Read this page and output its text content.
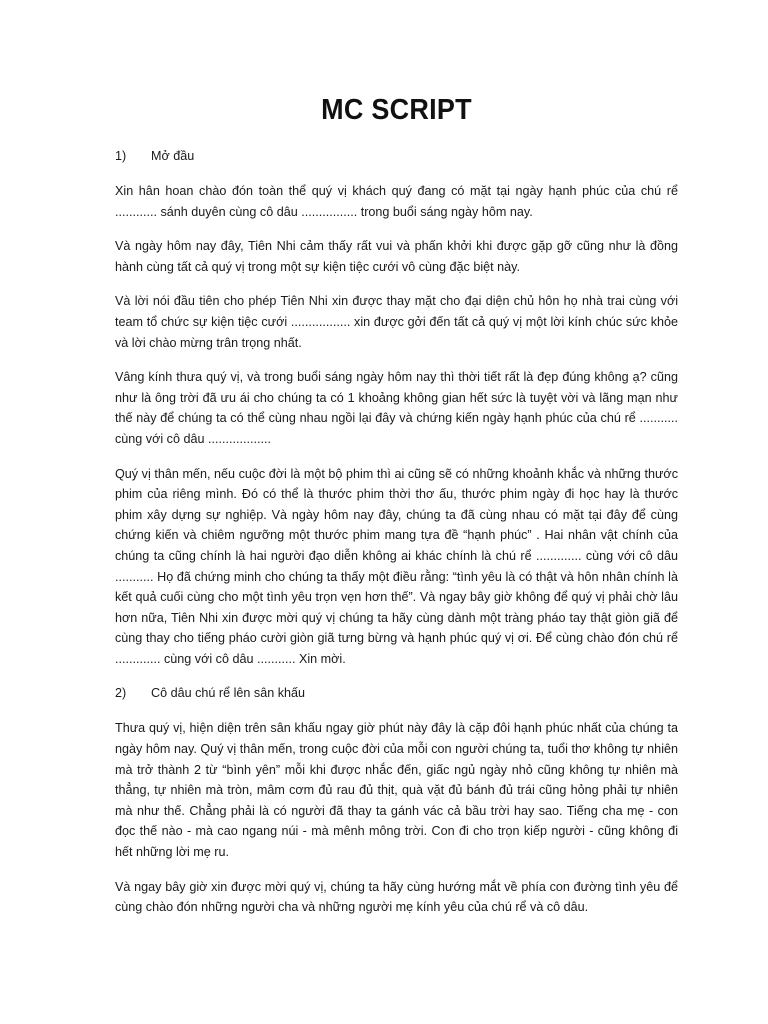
MC SCRIPT
1)	Mở đầu

Xin hân hoan chào đón toàn thể quý vị khách quý đang có mặt tại ngày hạnh phúc của chú rể ............ sánh duyên cùng cô dâu ................ trong buổi sáng ngày hôm nay.

Và ngày hôm nay đây, Tiên Nhi cảm thấy rất vui và phấn khởi khi được gặp gỡ cũng như là đồng hành cùng tất cả quý vị trong một sự kiện tiệc cưới vô cùng đặc biệt này.

Và lời nói đầu tiên cho phép Tiên Nhi xin được thay mặt cho đại diện chủ hôn họ nhà trai cùng với team tổ chức sự kiện tiệc cưới ................. xin được gởi đến tất cả quý vị một lời kính chúc sức khỏe và lời chào mừng trân trọng nhất.

Vâng kính thưa quý vị, và trong buổi sáng ngày hôm nay thì thời tiết rất là đẹp đúng không ạ? cũng như là ông trời đã ưu ái cho chúng ta có 1 khoảng không gian hết sức là tuyệt vời và lãng mạn như thế này để chúng ta có thể cùng nhau ngồi lại đây và chứng kiến ngày hạnh phúc của chú rể ........... cùng với cô dâu ..................

Quý vị thân mến, nếu cuộc đời là một bộ phim thì ai cũng sẽ có những khoảnh khắc và những thước phim của riêng mình. Đó có thể là thước phim thời thơ ấu, thước phim ngày đi học hay là thước phim xây dựng sự nghiệp. Và ngày hôm nay đây, chúng ta đã cùng nhau có mặt tại đây để cùng chứng kiến và chiêm ngưỡng một thước phim mang tựa đề “hạnh phúc” . Hai nhân vật chính của chúng ta cũng chính là hai người đạo diễn không ai khác chính là chú rể ............. cùng với cô dâu ........... Họ đã chứng minh cho chúng ta thấy một điều rằng: “tình yêu là có thật và hôn nhân chính là kết quả cuối cùng cho một tình yêu trọn vẹn hơn thế”. Và ngay bây giờ không để quý vị phải chờ lâu hơn nữa, Tiên Nhi xin được mời quý vị chúng ta hãy cùng dành một tràng pháo tay thật giòn giã để cùng thay cho tiếng pháo cười giòn giã tưng bừng và hạnh phúc quý vị ơi. Để cùng chào đón chú rể ............. cùng với cô dâu ........... Xin mời.

2)	Cô dâu chú rể lên sân khấu

Thưa quý vị, hiện diện trên sân khấu ngay giờ phút này đây là cặp đôi hạnh phúc nhất của chúng ta ngày hôm nay. Quý vị thân mến, trong cuộc đời của mỗi con người chúng ta, tuổi thơ không tự nhiên mà trở thành 2 từ “bình yên” mỗi khi được nhắc đến, giấc ngủ ngày nhỏ cũng không tự nhiên mà thẳng, tự nhiên mà tròn, mâm cơm đủ rau đủ thịt, quà vặt đủ bánh đủ trái cũng hỏng phải tự nhiên mà như thế. Chẳng phải là có người đã thay ta gánh vác cả bầu trời hay sao. Tiếng cha mẹ - con đọc thế nào - mà cao ngang núi - mà mênh mông trời. Con đi cho trọn kiếp người - cũng không đi hết những lời mẹ ru.

Và ngay bây giờ xin được mời quý vị, chúng ta hãy cùng hướng mắt về phía con đường tình yêu để cùng chào đón những người cha và những người mẹ kính yêu của chú rể và cô dâu.
